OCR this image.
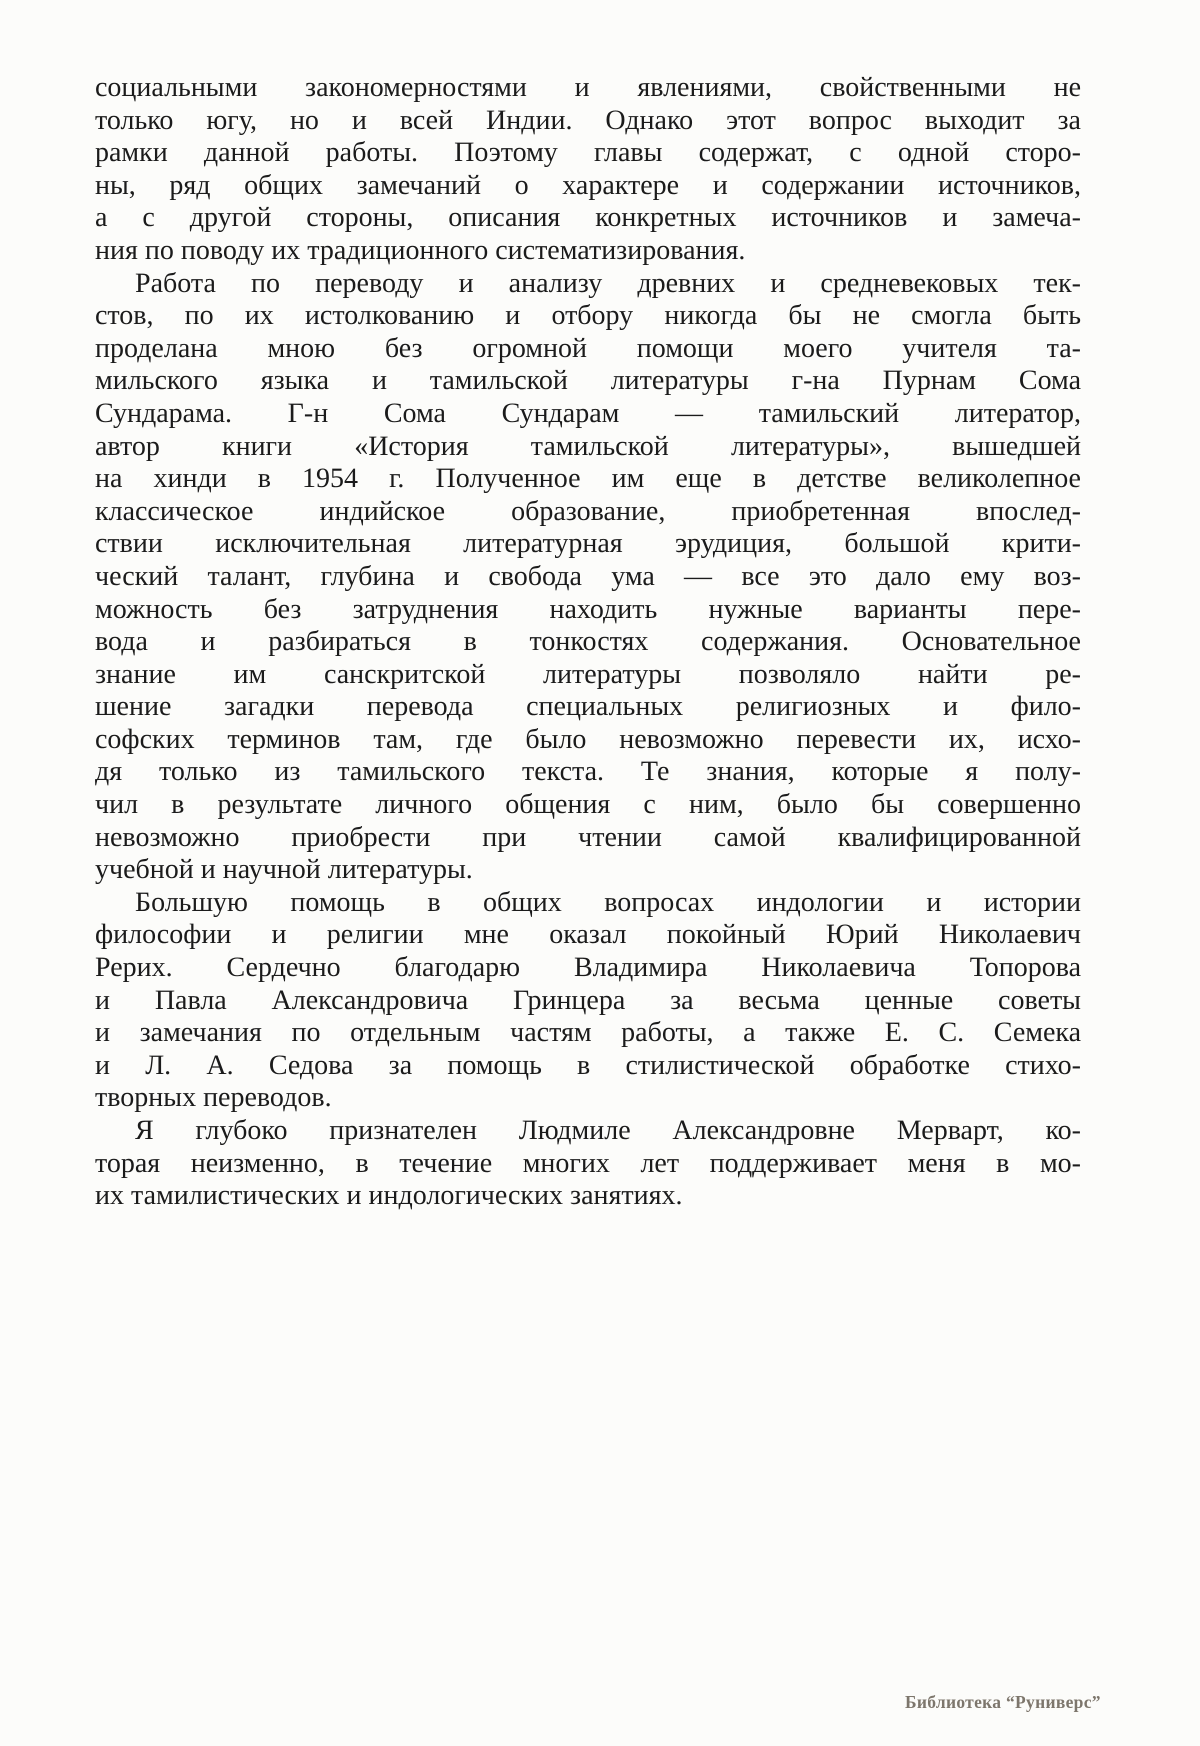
социальными закономерностями и явлениями, свойственными не
только югу, но и всей Индии. Однако этот вопрос выходит за
рамки данной работы. Поэтому главы содержат, с одной сторо-
ны, ряд общих замечаний о характере и содержании источников,
а с другой стороны, описания конкретных источников и замеча-
ния по поводу их традиционного систематизирования.
Работа по переводу и анализу древних и средневековых тек-
стов, по их истолкованию и отбору никогда бы не смогла быть
проделана мною без огромной помощи моего учителя та-
мильского языка и тамильской литературы г-на Пурнам Сома
Сундарама. Г-н Сома Сундарам — тамильский литератор,
автор книги «История тамильской литературы», вышедшей
на хинди в 1954 г. Полученное им еще в детстве великолепное
классическое индийское образование, приобретенная впослед-
ствии исключительная литературная эрудиция, большой крити-
ческий талант, глубина и свобода ума — все это дало ему воз-
можность без затруднения находить нужные варианты пере-
вода и разбираться в тонкостях содержания. Основательное
знание им санскритской литературы позволяло найти ре-
шение загадки перевода специальных религиозных и фило-
софских терминов там, где было невозможно перевести их, исхо-
дя только из тамильского текста. Те знания, которые я полу-
чил в результате личного общения с ним, было бы совершенно
невозможно приобрести при чтении самой квалифицированной
учебной и научной литературы.
Большую помощь в общих вопросах индологии и истории
философии и религии мне оказал покойный Юрий Николаевич
Рерих. Сердечно благодарю Владимира Николаевича Топорова
и Павла Александровича Гринцера за весьма ценные советы
и замечания по отдельным частям работы, а также Е. С. Семека
и Л. А. Седова за помощь в стилистической обработке стихо-
творных переводов.
Я глубоко признателен Людмиле Александровне Мерварт, ко-
торая неизменно, в течение многих лет поддерживает меня в мо-
их тамилистических и индологических занятиях.
Библиотека “Руниверс”
